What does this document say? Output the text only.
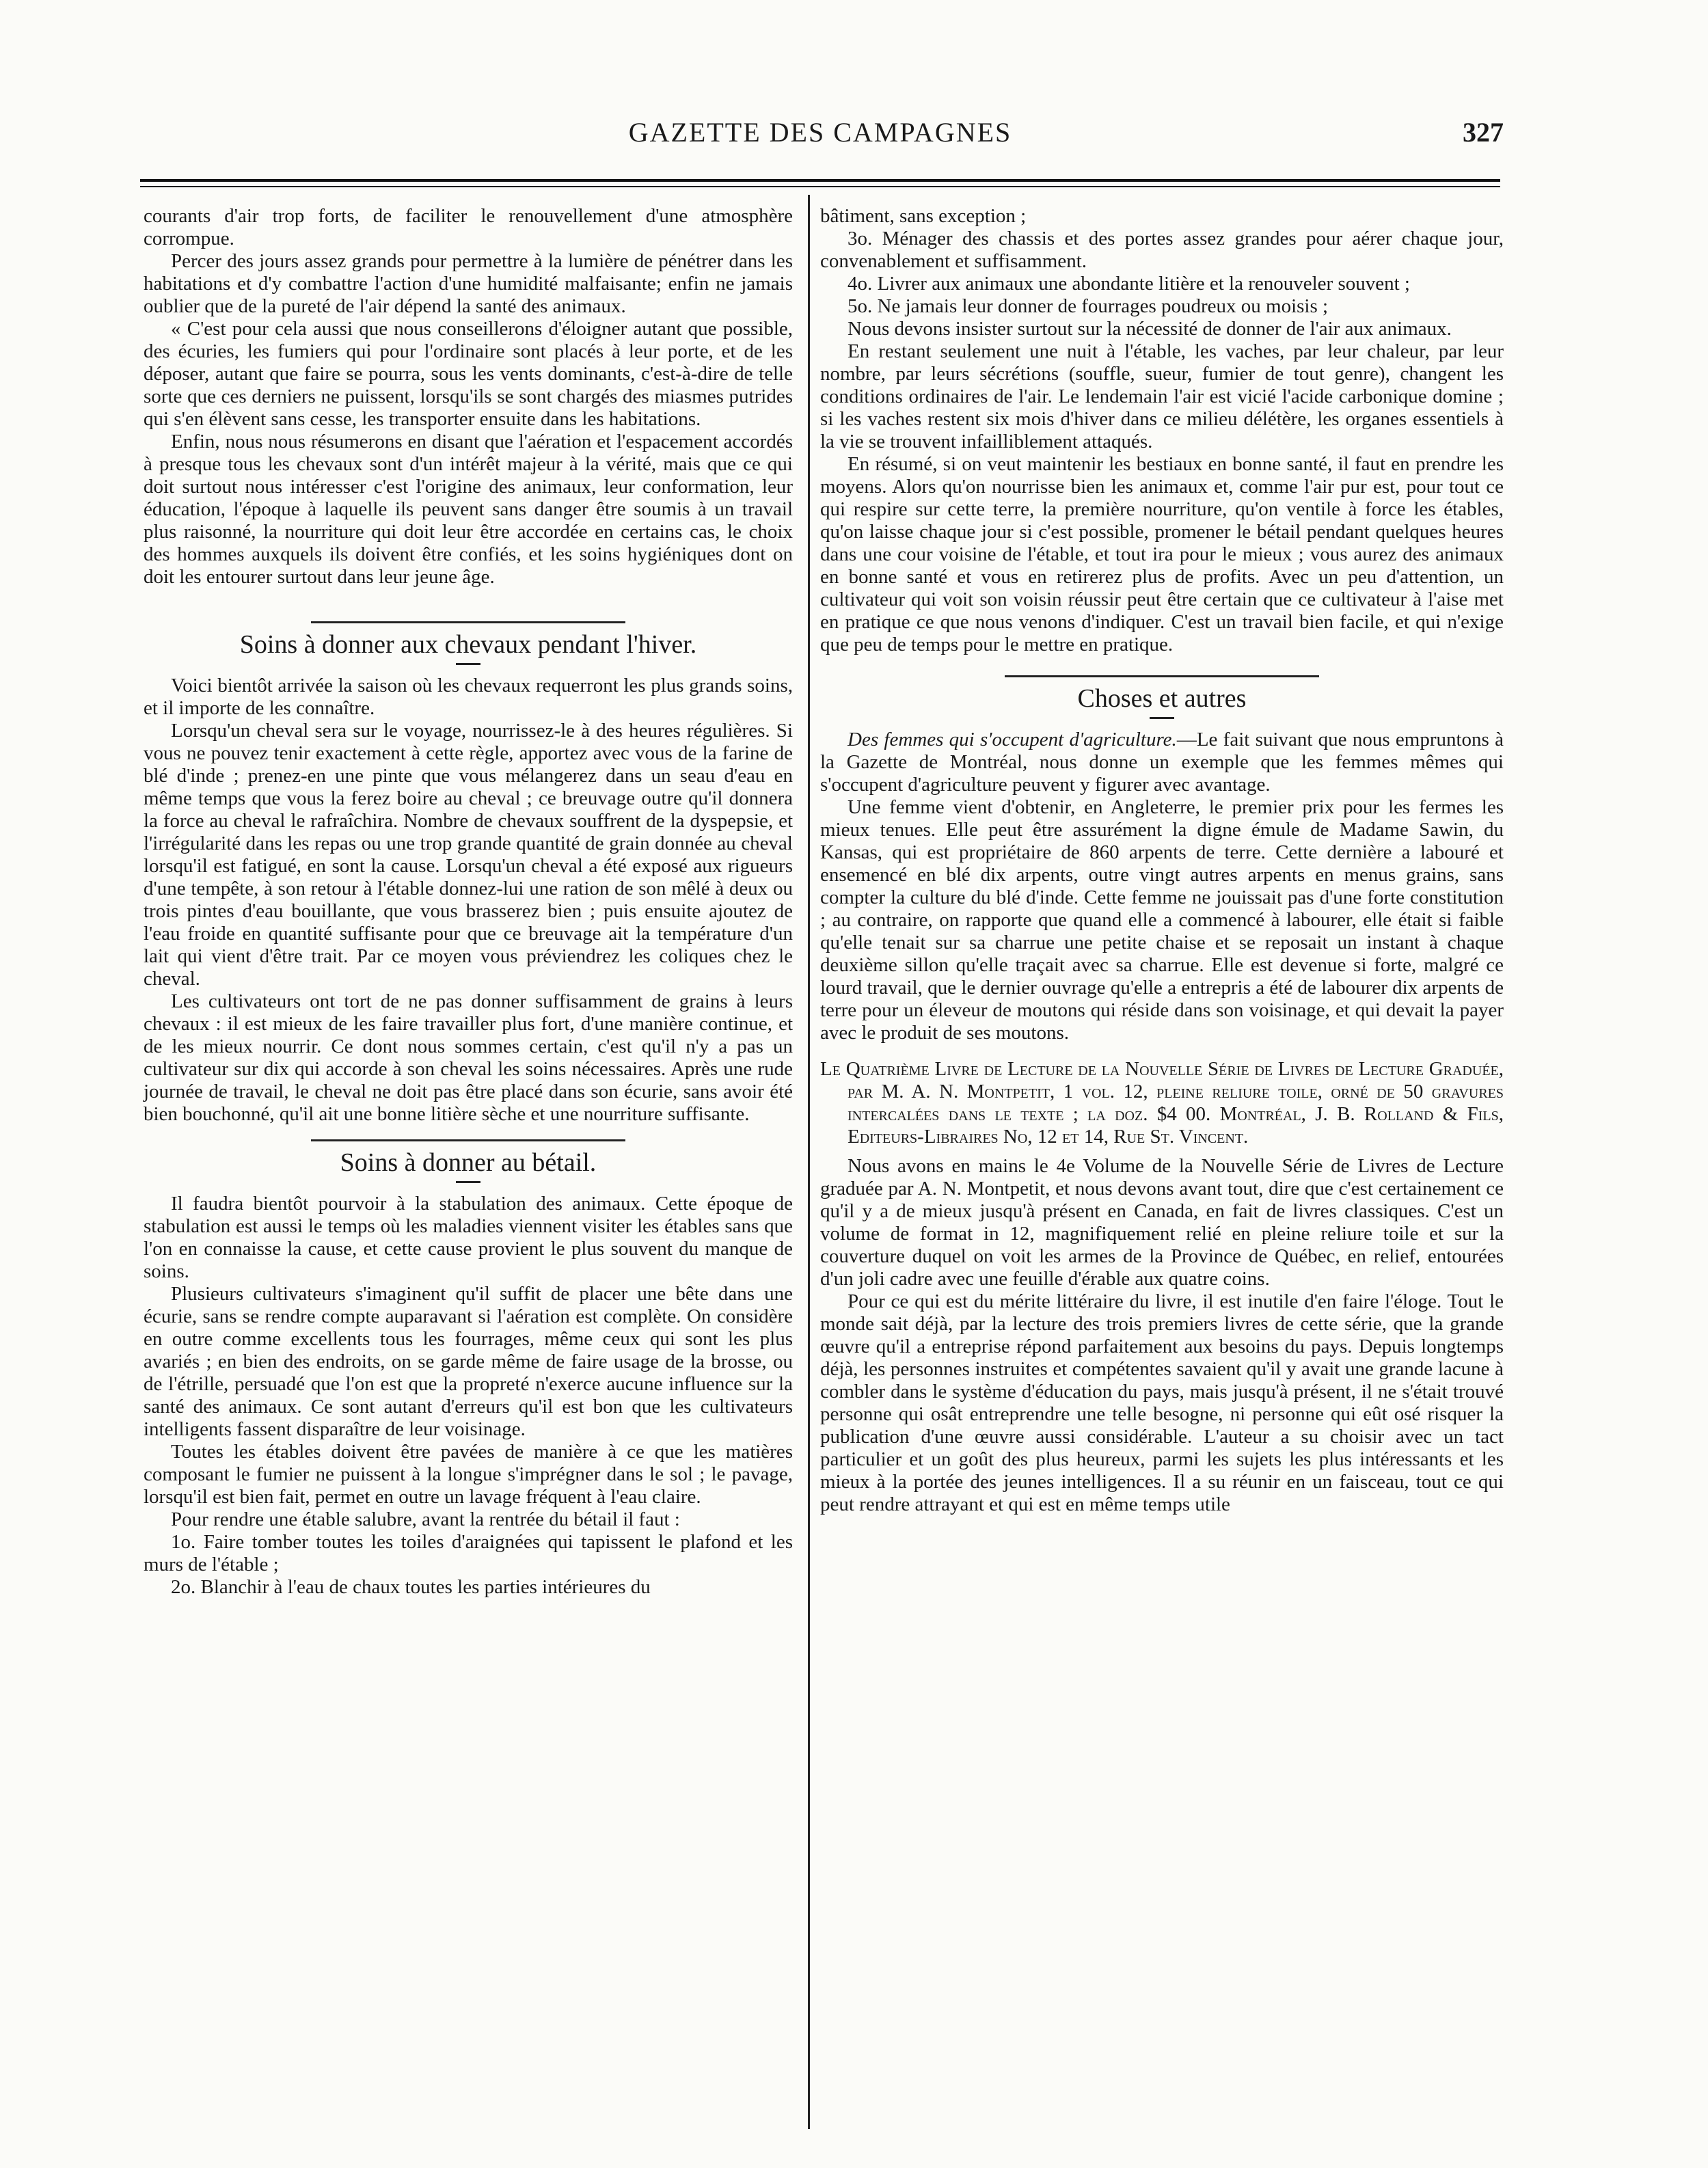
GAZETTE DES CAMPAGNES	327

courants d'air trop forts, de faciliter le renouvellement d'une atmosphère corrompue.

Percer des jours assez grands pour permettre à la lumière de pénétrer dans les habitations et d'y combattre l'action d'une humidité malfaisante; enfin ne jamais oublier que de la pureté de l'air dépend la santé des animaux.

« C'est pour cela aussi que nous conseillerons d'éloigner autant que possible, des écuries, les fumiers qui pour l'ordinaire sont placés à leur porte, et de les déposer, autant que faire se pourra, sous les vents dominants, c'est-à-dire de telle sorte que ces derniers ne puissent, lorsqu'ils se sont chargés des miasmes putrides qui s'en élèvent sans cesse, les transporter ensuite dans les habitations.

Enfin, nous nous résumerons en disant que l'aération et l'espacement accordés à presque tous les chevaux sont d'un intérêt majeur à la vérité, mais que ce qui doit surtout nous intéresser c'est l'origine des animaux, leur conformation, leur éducation, l'époque à laquelle ils peuvent sans danger être soumis à un travail plus raisonné, la nourriture qui doit leur être accordée en certains cas, le choix des hommes auxquels ils doivent être confiés, et les soins hygiéniques dont on doit les entourer surtout dans leur jeune âge.

Soins à donner aux chevaux pendant l'hiver.

Voici bientôt arrivée la saison où les chevaux requerront les plus grands soins, et il importe de les connaître.

Lorsqu'un cheval sera sur le voyage, nourrissez-le à des heures régulières. Si vous ne pouvez tenir exactement à cette règle, apportez avec vous de la farine de blé d'inde ; prenez-en une pinte que vous mélangerez dans un seau d'eau en même temps que vous la ferez boire au cheval ; ce breuvage outre qu'il donnera la force au cheval le rafraîchira. Nombre de chevaux souffrent de la dyspepsie, et l'irrégularité dans les repas ou une trop grande quantité de grain donnée au cheval lorsqu'il est fatigué, en sont la cause. Lorsqu'un cheval a été exposé aux rigueurs d'une tempête, à son retour à l'étable donnez-lui une ration de son mêlé à deux ou trois pintes d'eau bouillante, que vous brasserez bien ; puis ensuite ajoutez de l'eau froide en quantité suffisante pour que ce breuvage ait la température d'un lait qui vient d'être trait. Par ce moyen vous préviendrez les coliques chez le cheval.

Les cultivateurs ont tort de ne pas donner suffisamment de grains à leurs chevaux : il est mieux de les faire travailler plus fort, d'une manière continue, et de les mieux nourrir. Ce dont nous sommes certain, c'est qu'il n'y a pas un cultivateur sur dix qui accorde à son cheval les soins nécessaires. Après une rude journée de travail, le cheval ne doit pas être placé dans son écurie, sans avoir été bien bouchonné, qu'il ait une bonne litière sèche et une nourriture suffisante.

Soins à donner au bétail.

Il faudra bientôt pourvoir à la stabulation des animaux. Cette époque de stabulation est aussi le temps où les maladies viennent visiter les étables sans que l'on en connaisse la cause, et cette cause provient le plus souvent du manque de soins.

Plusieurs cultivateurs s'imaginent qu'il suffit de placer une bête dans une écurie, sans se rendre compte auparavant si l'aération est complète. On considère en outre comme excellents tous les fourrages, même ceux qui sont les plus avariés ; en bien des endroits, on se garde même de faire usage de la brosse, ou de l'étrille, persuadé que l'on est que la propreté n'exerce aucune influence sur la santé des animaux. Ce sont autant d'erreurs qu'il est bon que les cultivateurs intelligents fassent disparaître de leur voisinage.

Toutes les étables doivent être pavées de manière à ce que les matières composant le fumier ne puissent à la longue s'imprégner dans le sol ; le pavage, lorsqu'il est bien fait, permet en outre un lavage fréquent à l'eau claire.

Pour rendre une étable salubre, avant la rentrée du bétail il faut :

1o. Faire tomber toutes les toiles d'araignées qui tapissent le plafond et les murs de l'étable ;

2o. Blanchir à l'eau de chaux toutes les parties intérieures du

bâtiment, sans exception ;

3o. Ménager des chassis et des portes assez grandes pour aérer chaque jour, convenablement et suffisamment.

4o. Livrer aux animaux une abondante litière et la renouveler souvent ;

5o. Ne jamais leur donner de fourrages poudreux ou moisis ;

Nous devons insister surtout sur la nécessité de donner de l'air aux animaux.

En restant seulement une nuit à l'étable, les vaches, par leur chaleur, par leur nombre, par leurs sécrétions (souffle, sueur, fumier de tout genre), changent les conditions ordinaires de l'air. Le lendemain l'air est vicié l'acide carbonique domine ; si les vaches restent six mois d'hiver dans ce milieu délétère, les organes essentiels à la vie se trouvent infailliblement attaqués.

En résumé, si on veut maintenir les bestiaux en bonne santé, il faut en prendre les moyens. Alors qu'on nourrisse bien les animaux et, comme l'air pur est, pour tout ce qui respire sur cette terre, la première nourriture, qu'on ventile à force les étables, qu'on laisse chaque jour si c'est possible, promener le bétail pendant quelques heures dans une cour voisine de l'étable, et tout ira pour le mieux ; vous aurez des animaux en bonne santé et vous en retirerez plus de profits. Avec un peu d'attention, un cultivateur qui voit son voisin réussir peut être certain que ce cultivateur à l'aise met en pratique ce que nous venons d'indiquer. C'est un travail bien facile, et qui n'exige que peu de temps pour le mettre en pratique.

Choses et autres

Des femmes qui s'occupent d'agriculture.—Le fait suivant que nous empruntons à la Gazette de Montréal, nous donne un exemple que les femmes mêmes qui s'occupent d'agriculture peuvent y figurer avec avantage.

Une femme vient d'obtenir, en Angleterre, le premier prix pour les fermes les mieux tenues. Elle peut être assurément la digne émule de Madame Sawin, du Kansas, qui est propriétaire de 860 arpents de terre. Cette dernière a labouré et ensemencé en blé dix arpents, outre vingt autres arpents en menus grains, sans compter la culture du blé d'inde. Cette femme ne jouissait pas d'une forte constitution ; au contraire, on rapporte que quand elle a commencé à labourer, elle était si faible qu'elle tenait sur sa charrue une petite chaise et se reposait un instant à chaque deuxième sillon qu'elle traçait avec sa charrue. Elle est devenue si forte, malgré ce lourd travail, que le dernier ouvrage qu'elle a entrepris a été de labourer dix arpents de terre pour un éleveur de moutons qui réside dans son voisinage, et qui devait la payer avec le produit de ses moutons.

Le Quatrième Livre de Lecture de la Nouvelle Série de Livres de Lecture Graduée, par M. A. N. Montpetit, 1 vol. 12, pleine reliure toile, orné de 50 gravures intercalées dans le texte ; la doz. $4 00. Montréal, J. B. Rolland & Fils, Editeurs-Libraires No, 12 et 14, Rue St. Vincent.

Nous avons en mains le 4e Volume de la Nouvelle Série de Livres de Lecture graduée par A. N. Montpetit, et nous devons avant tout, dire que c'est certainement ce qu'il y a de mieux jusqu'à présent en Canada, en fait de livres classiques. C'est un volume de format in 12, magnifiquement relié en pleine reliure toile et sur la couverture duquel on voit les armes de la Province de Québec, en relief, entourées d'un joli cadre avec une feuille d'érable aux quatre coins.

Pour ce qui est du mérite littéraire du livre, il est inutile d'en faire l'éloge. Tout le monde sait déjà, par la lecture des trois premiers livres de cette série, que la grande œuvre qu'il a entreprise répond parfaitement aux besoins du pays. Depuis longtemps déjà, les personnes instruites et compétentes savaient qu'il y avait une grande lacune à combler dans le système d'éducation du pays, mais jusqu'à présent, il ne s'était trouvé personne qui osât entreprendre une telle besogne, ni personne qui eût osé risquer la publication d'une œuvre aussi considérable. L'auteur a su choisir avec un tact particulier et un goût des plus heureux, parmi les sujets les plus intéressants et les mieux à la portée des jeunes intelligences. Il a su réunir en un faisceau, tout ce qui peut rendre attrayant et qui est en même temps utile
